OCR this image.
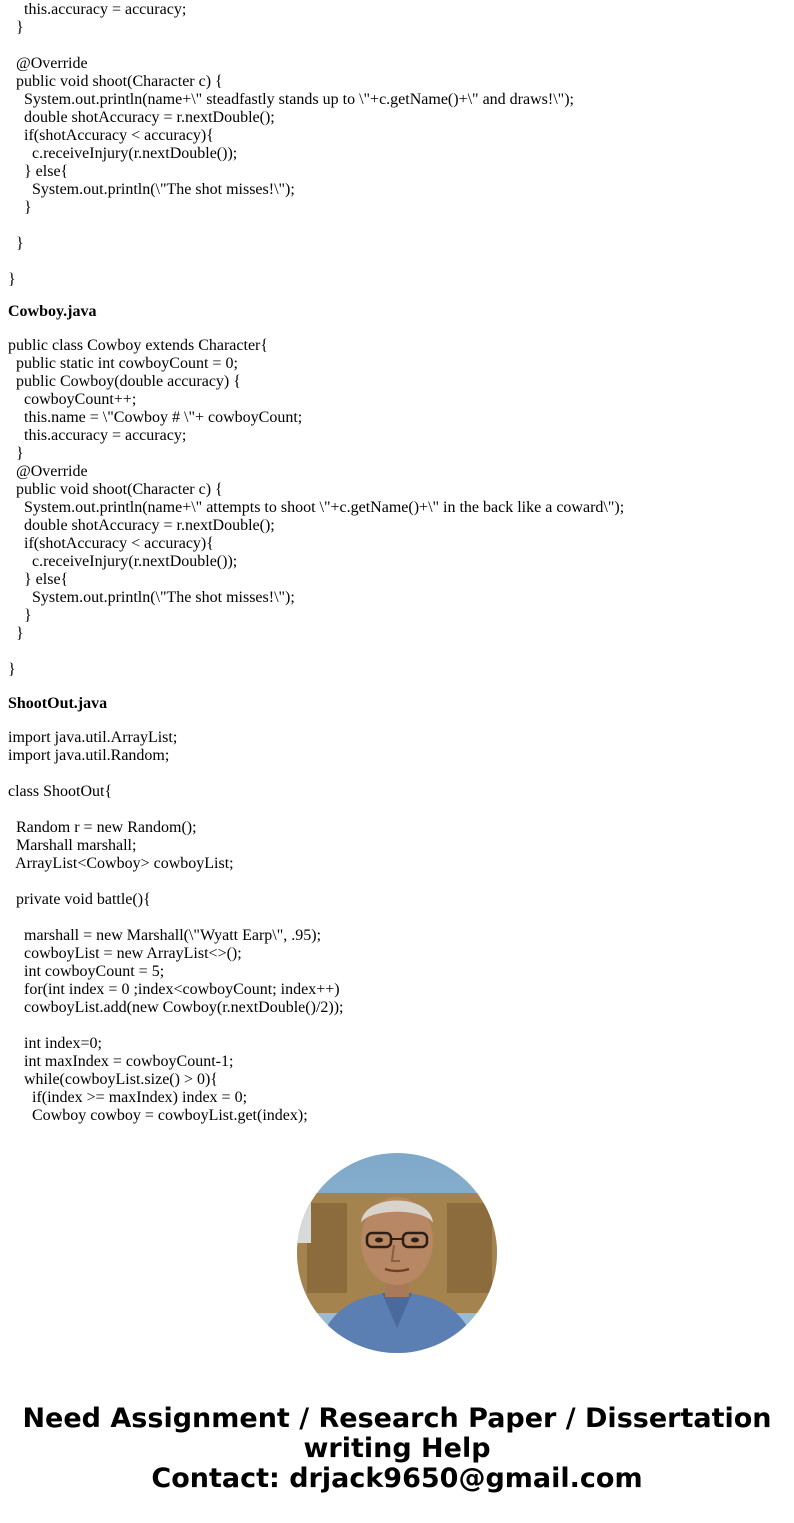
this.accuracy = accuracy;
}
@Override
public void shoot(Character c) {
System.out.println(name+\" steadfastly stands up to \"+c.getName()+\" and draws!\");
double shotAccuracy = r.nextDouble();
if(shotAccuracy < accuracy){
c.receiveInjury(r.nextDouble());
} else{
System.out.println(\"The shot misses!\");
}
}
}
Cowboy.java
public class Cowboy extends Character{
public static int cowboyCount = 0;
public Cowboy(double accuracy) {
cowboyCount++;
this.name = \"Cowboy # \"+ cowboyCount;
this.accuracy = accuracy;
}
@Override
public void shoot(Character c) {
System.out.println(name+\" attempts to shoot \"+c.getName()+\" in the back like a coward\");
double shotAccuracy = r.nextDouble();
if(shotAccuracy < accuracy){
c.receiveInjury(r.nextDouble());
} else{
System.out.println(\"The shot misses!\");
}
}
}
ShootOut.java
import java.util.ArrayList;
import java.util.Random;
class ShootOut{
Random r = new Random();
Marshall marshall;
ArrayList<Cowboy> cowboyList;
private void battle(){
marshall = new Marshall(\"Wyatt Earp\", .95);
cowboyList = new ArrayList<>();
int cowboyCount = 5;
for(int index = 0 ;index<cowboyCount; index++)
cowboyList.add(new Cowboy(r.nextDouble()/2));
int index=0;
int maxIndex = cowboyCount-1;
while(cowboyList.size() > 0){
if(index >= maxIndex) index = 0;
Cowboy cowboy = cowboyList.get(index);
Need Assignment / Research Paper / Dissertation
writing Help
Contact: drjack9650@gmail.com
